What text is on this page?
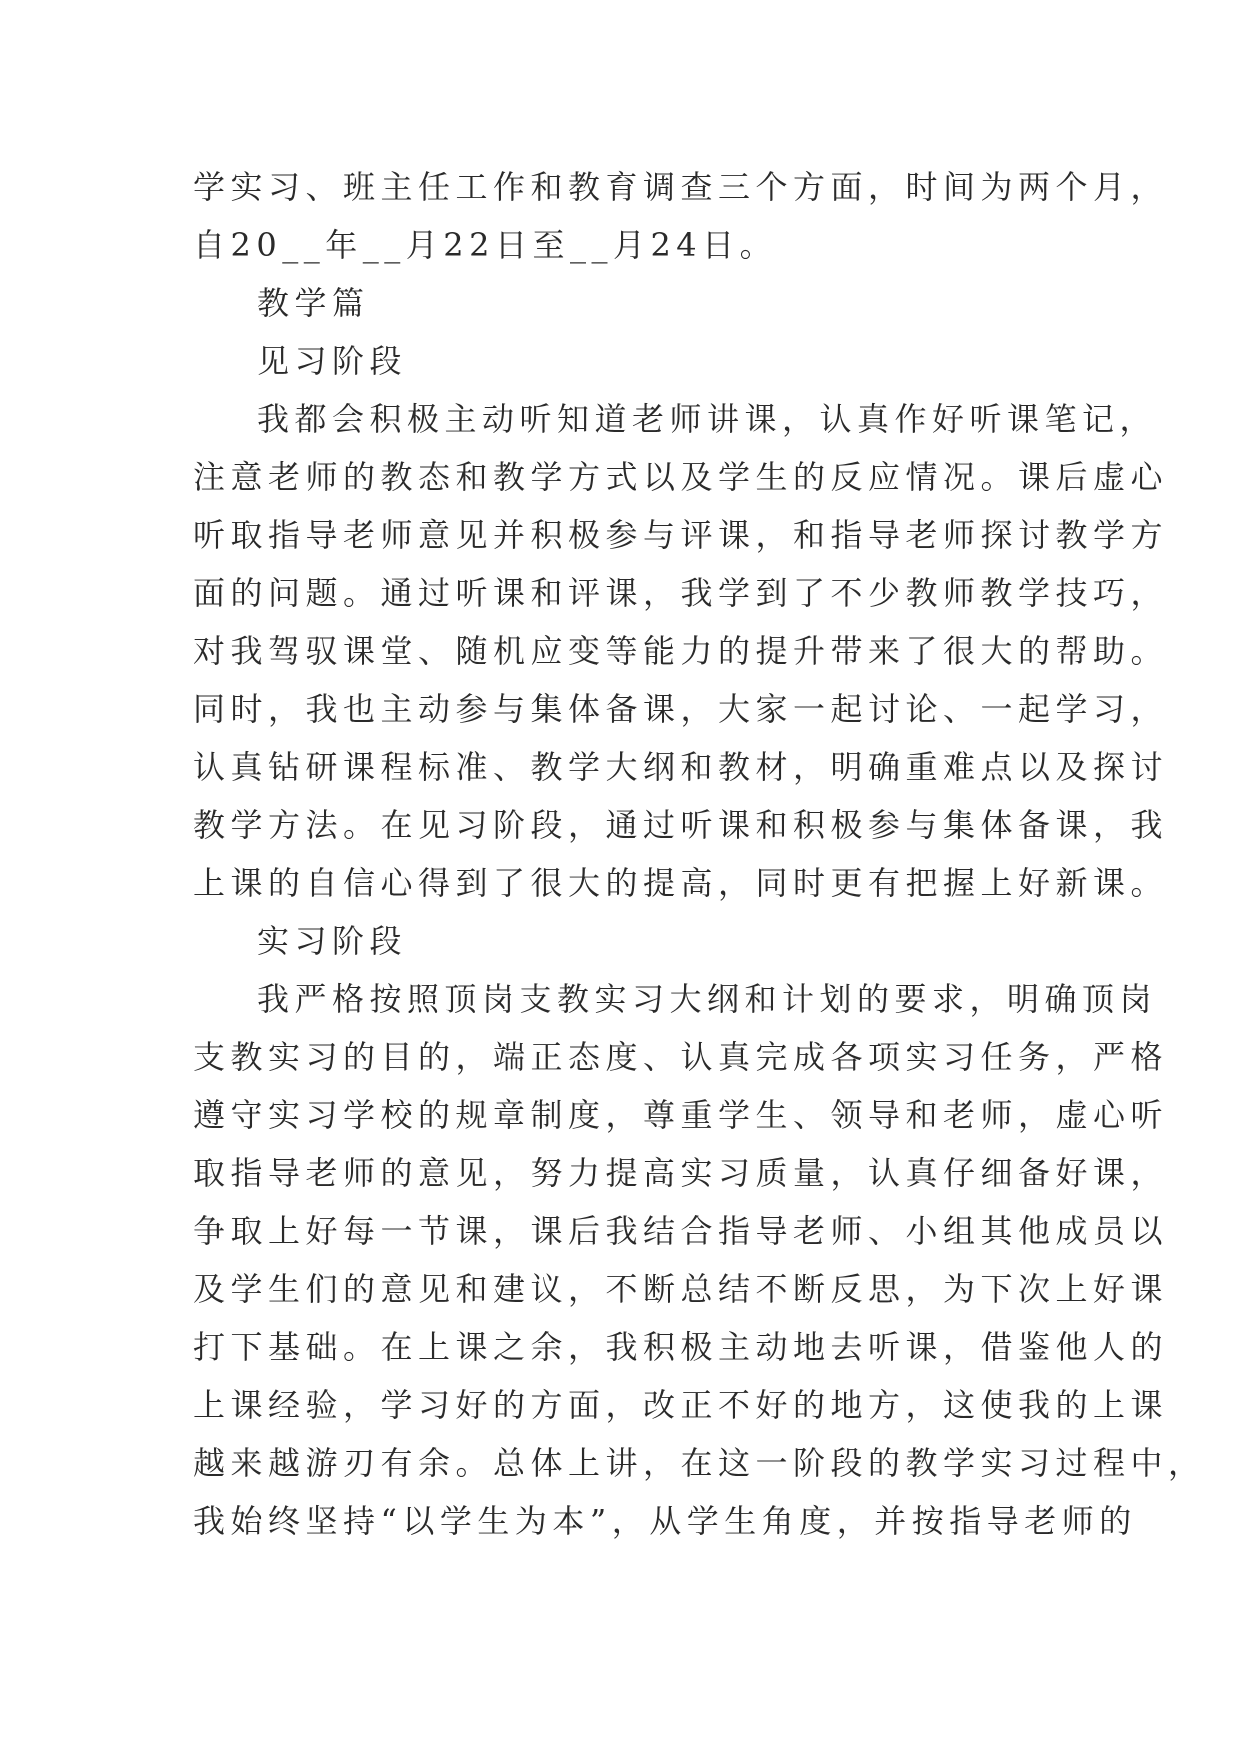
学实习、班主任工作和教育调查三个方面，时间为两个月，
自20__年__月22日至__月24日。
教学篇
见习阶段
我都会积极主动听知道老师讲课，认真作好听课笔记，
注意老师的教态和教学方式以及学生的反应情况。课后虚心
听取指导老师意见并积极参与评课，和指导老师探讨教学方
面的问题。通过听课和评课，我学到了不少教师教学技巧，
对我驾驭课堂、随机应变等能力的提升带来了很大的帮助。
同时，我也主动参与集体备课，大家一起讨论、一起学习，
认真钻研课程标准、教学大纲和教材，明确重难点以及探讨
教学方法。在见习阶段，通过听课和积极参与集体备课，我
上课的自信心得到了很大的提高，同时更有把握上好新课。
实习阶段
我严格按照顶岗支教实习大纲和计划的要求，明确顶岗
支教实习的目的，端正态度、认真完成各项实习任务，严格
遵守实习学校的规章制度，尊重学生、领导和老师，虚心听
取指导老师的意见，努力提高实习质量，认真仔细备好课，
争取上好每一节课，课后我结合指导老师、小组其他成员以
及学生们的意见和建议，不断总结不断反思，为下次上好课
打下基础。在上课之余，我积极主动地去听课，借鉴他人的
上课经验，学习好的方面，改正不好的地方，这使我的上课
越来越游刃有余。总体上讲，在这一阶段的教学实习过程中，
我始终坚持“以学生为本”，从学生角度，并按指导老师的
